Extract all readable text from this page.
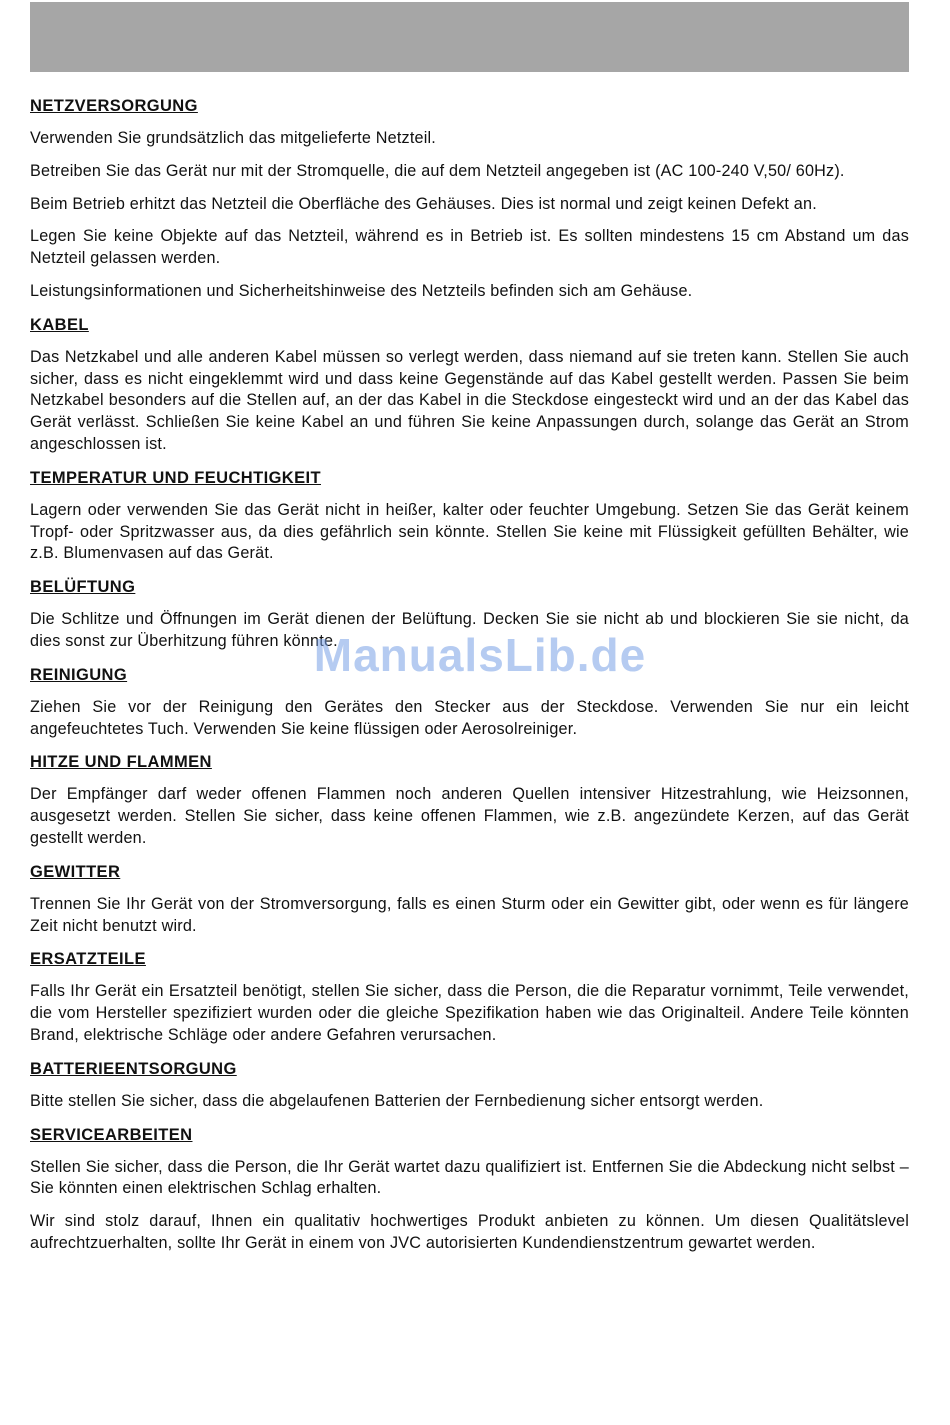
NETZVERSORGUNG

Verwenden Sie grundsätzlich das mitgelieferte Netzteil.

Betreiben Sie das Gerät nur mit der Stromquelle, die auf dem Netzteil angegeben ist (AC 100-240 V,50/ 60Hz).

Beim Betrieb erhitzt das Netzteil die Oberfläche des Gehäuses. Dies ist normal und zeigt keinen Defekt an.

Legen Sie keine Objekte auf das Netzteil, während es in Betrieb ist. Es sollten mindestens 15 cm Abstand um das Netzteil gelassen werden.

Leistungsinformationen und Sicherheitshinweise des Netzteils befinden sich am Gehäuse.

KABEL

Das Netzkabel und alle anderen Kabel müssen so verlegt werden, dass niemand auf sie treten kann. Stellen Sie auch sicher, dass es nicht eingeklemmt wird und dass keine Gegenstände auf das Kabel gestellt werden. Passen Sie beim Netzkabel besonders auf die Stellen auf, an der das Kabel in die Steckdose eingesteckt wird und an der das Kabel das Gerät verlässt. Schließen Sie keine Kabel an und führen Sie keine Anpassungen durch, solange das Gerät an Strom angeschlossen ist.

TEMPERATUR UND FEUCHTIGKEIT

Lagern oder verwenden Sie das Gerät nicht in heißer, kalter oder feuchter Umgebung. Setzen Sie das Gerät keinem Tropf- oder Spritzwasser aus, da dies gefährlich sein könnte. Stellen Sie keine mit Flüssigkeit gefüllten Behälter, wie z.B. Blumenvasen auf das Gerät.

BELÜFTUNG

Die Schlitze und Öffnungen im Gerät dienen der Belüftung. Decken Sie sie nicht ab und blockieren Sie sie nicht, da dies sonst zur Überhitzung führen könnte.

REINIGUNG

Ziehen Sie vor der Reinigung den Gerätes den Stecker aus der Steckdose. Verwenden Sie nur ein leicht angefeuchtetes Tuch. Verwenden Sie keine flüssigen oder Aerosolreiniger.

HITZE UND FLAMMEN

Der Empfänger darf weder offenen Flammen noch anderen Quellen intensiver Hitzestrahlung, wie Heizsonnen, ausgesetzt werden. Stellen Sie sicher, dass keine offenen Flammen, wie z.B. angezündete Kerzen, auf das Gerät gestellt werden.

GEWITTER

Trennen Sie Ihr Gerät von der Stromversorgung, falls es einen Sturm oder ein Gewitter gibt, oder wenn es für längere Zeit nicht benutzt wird.

ERSATZTEILE

Falls Ihr Gerät ein Ersatzteil benötigt, stellen Sie sicher, dass die Person, die die Reparatur vornimmt, Teile verwendet, die vom Hersteller spezifiziert wurden oder die gleiche Spezifikation haben wie das Originalteil. Andere Teile könnten Brand, elektrische Schläge oder andere Gefahren verursachen.

BATTERIEENTSORGUNG

Bitte stellen Sie sicher, dass die abgelaufenen Batterien der Fernbedienung sicher entsorgt werden.

SERVICEARBEITEN

Stellen Sie sicher, dass die Person, die Ihr Gerät wartet dazu qualifiziert ist. Entfernen Sie die Abdeckung nicht selbst – Sie könnten einen elektrischen Schlag erhalten.

Wir sind stolz darauf, Ihnen ein qualitativ hochwertiges Produkt anbieten zu können. Um diesen Qualitätslevel aufrechtzuerhalten, sollte Ihr Gerät in einem von JVC autorisierten Kundendienstzentrum gewartet werden.

ManualsLib.de
